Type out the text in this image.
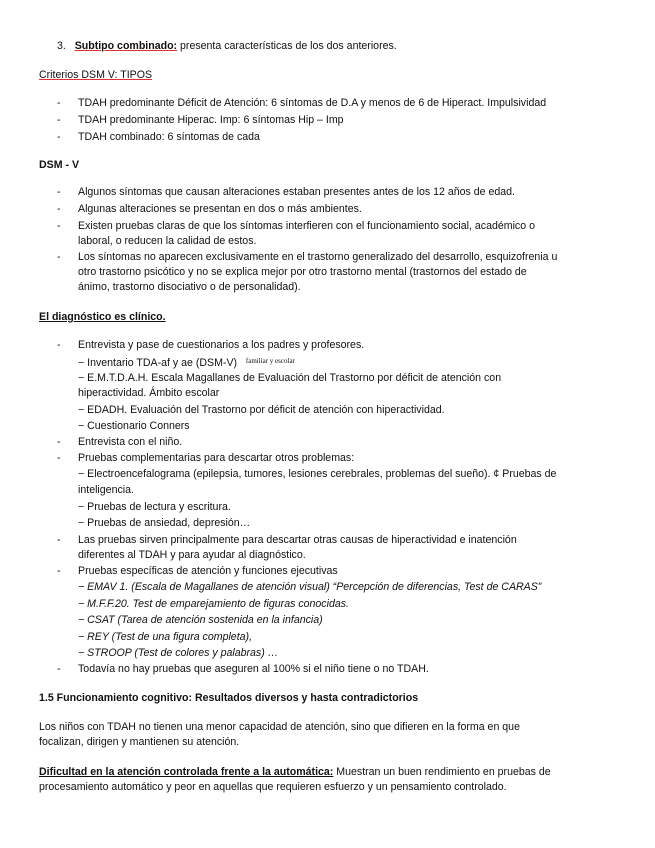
3. Subtipo combinado: presenta características de los dos anteriores.
Criterios DSM V: TIPOS
- TDAH predominante Déficit de Atención: 6 síntomas de D.A y menos de 6 de Hiperact. Impulsividad
- TDAH predominante Hiperac. Imp: 6 síntomas Hip – Imp
- TDAH combinado: 6 síntomas de cada
DSM - V
- Algunos síntomas que causan alteraciones estaban presentes antes de los 12 años de edad.
- Algunas alteraciones se presentan en dos o más ambientes.
- Existen pruebas claras de que los síntomas interfieren con el funcionamiento social, académico o
laboral, o reducen la calidad de estos.
- Los síntomas no aparecen exclusivamente en el trastorno generalizado del desarrollo, esquizofrenia u
otro trastorno psicótico y no se explica mejor por otro trastorno mental (trastornos del estado de
ánimo, trastorno disociativo o de personalidad).
El diagnóstico es clínico.
- Entrevista y pase de cuestionarios a los padres y profesores.
− Inventario TDA-af y ae (DSM-V) $^{familiar y escolar}$
− E.M.T.D.A.H. Escala Magallanes de Evaluación del Trastorno por déficit de atención con
hiperactividad. Ámbito escolar
− EDADH. Evaluación del Trastorno por déficit de atención con hiperactividad.
− Cuestionario Conners
- Entrevista con el niño.
- Pruebas complementarias para descartar otros problemas:
− Electroencefalograma (epilepsia, tumores, lesiones cerebrales, problemas del sueño). ¢ Pruebas de
inteligencia.
− Pruebas de lectura y escritura.
− Pruebas de ansiedad, depresión…
- Las pruebas sirven principalmente para descartar otras causas de hiperactividad e inatención
diferentes al TDAH y para ayudar al diagnóstico.
- Pruebas específicas de atención y funciones ejecutivas
− EMAV 1. (Escala de Magallanes de atención visual) “Percepción de diferencias, Test de CARAS”
− M.F.F.20. Test de emparejamiento de figuras conocidas.
− CSAT (Tarea de atención sostenida en la infancia)
− REY (Test de una figura completa),
− STROOP (Test de colores y palabras) …
- Todavía no hay pruebas que aseguren al 100% si el niño tiene o no TDAH.
1.5 Funcionamiento cognitivo: Resultados diversos y hasta contradictorios
Los niños con TDAH no tienen una menor capacidad de atención, sino que difieren en la forma en que
focalizan, dirigen y mantienen su atención.
Dificultad en la atención controlada frente a la automática: Muestran un buen rendimiento en pruebas de
procesamiento automático y peor en aquellas que requieren esfuerzo y un pensamiento controlado.
